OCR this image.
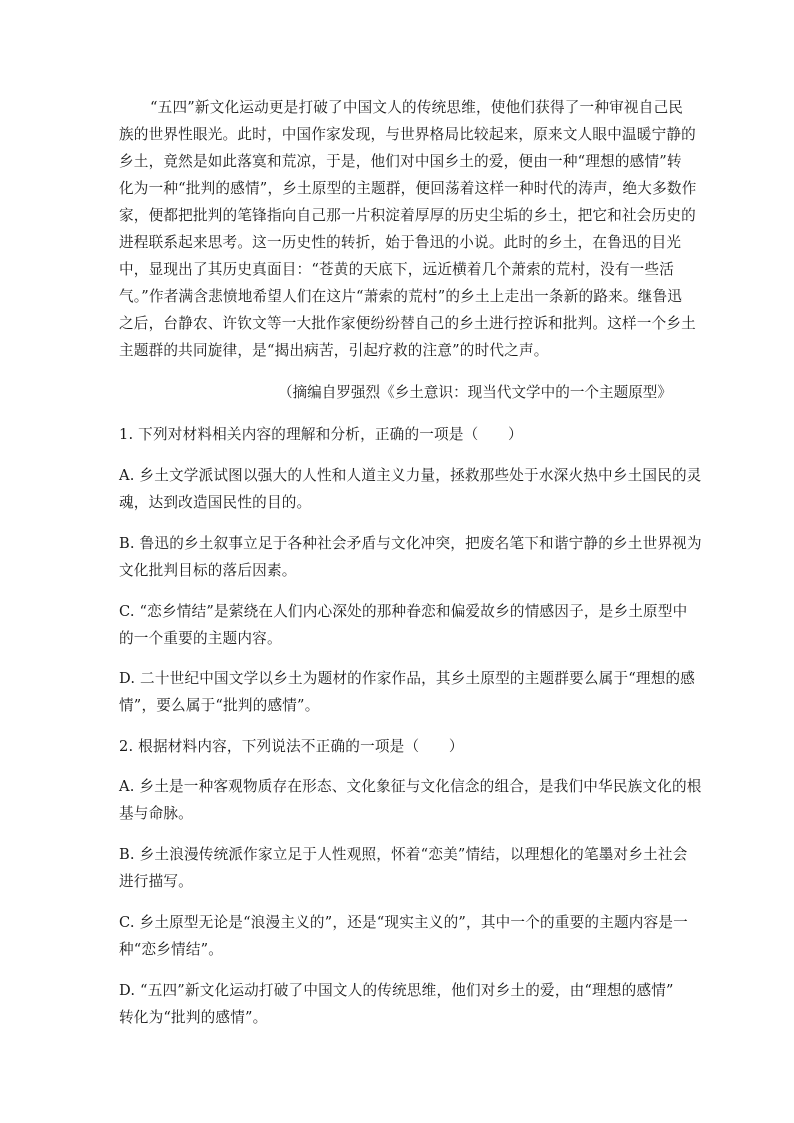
“五四”新文化运动更是打破了中国文人的传统思维，使他们获得了一种审视自己民
族的世界性眼光。此时，中国作家发现，与世界格局比较起来，原来文人眼中温暖宁静的
乡土，竟然是如此落寞和荒凉，于是，他们对中国乡土的爱，便由一种“理想的感情”转
化为一种“批判的感情”，乡土原型的主题群，便回荡着这样一种时代的涛声，绝大多数作
家，便都把批判的笔锋指向自己那一片积淀着厚厚的历史尘垢的乡土，把它和社会历史的
进程联系起来思考。这一历史性的转折，始于鲁迅的小说。此时的乡土，在鲁迅的目光
中，显现出了其历史真面目：“苍黄的天底下，远近横着几个萧索的荒村，没有一些活
气。”作者满含悲愤地希望人们在这片“萧索的荒村”的乡土上走出一条新的路来。继鲁迅
之后，台静农、许钦文等一大批作家便纷纷替自己的乡土进行控诉和批判。这样一个乡土
主题群的共同旋律，是“揭出病苦，引起疗救的注意”的时代之声。
（摘编自罗强烈《乡土意识：现当代文学中的一个主题原型》
1. 下列对材料相关内容的理解和分析，正确的一项是（　　）
A. 乡土文学派试图以强大的人性和人道主义力量，拯救那些处于水深火热中乡土国民的灵
魂，达到改造国民性的目的。
B. 鲁迅的乡土叙事立足于各种社会矛盾与文化冲突，把废名笔下和谐宁静的乡土世界视为
文化批判目标的落后因素。
C. “恋乡情结”是萦绕在人们内心深处的那种眷恋和偏爱故乡的情感因子，是乡土原型中
的一个重要的主题内容。
D. 二十世纪中国文学以乡土为题材的作家作品，其乡土原型的主题群要么属于“理想的感
情”，要么属于“批判的感情”。
2. 根据材料内容，下列说法不正确的一项是（　　）
A. 乡土是一种客观物质存在形态、文化象征与文化信念的组合，是我们中华民族文化的根
基与命脉。
B. 乡土浪漫传统派作家立足于人性观照，怀着“恋美”情结，以理想化的笔墨对乡土社会
进行描写。
C. 乡土原型无论是“浪漫主义的”，还是“现实主义的”，其中一个的重要的主题内容是一
种“恋乡情结”。
D. “五四”新文化运动打破了中国文人的传统思维，他们对乡土的爱，由“理想的感情”
转化为“批判的感情”。
